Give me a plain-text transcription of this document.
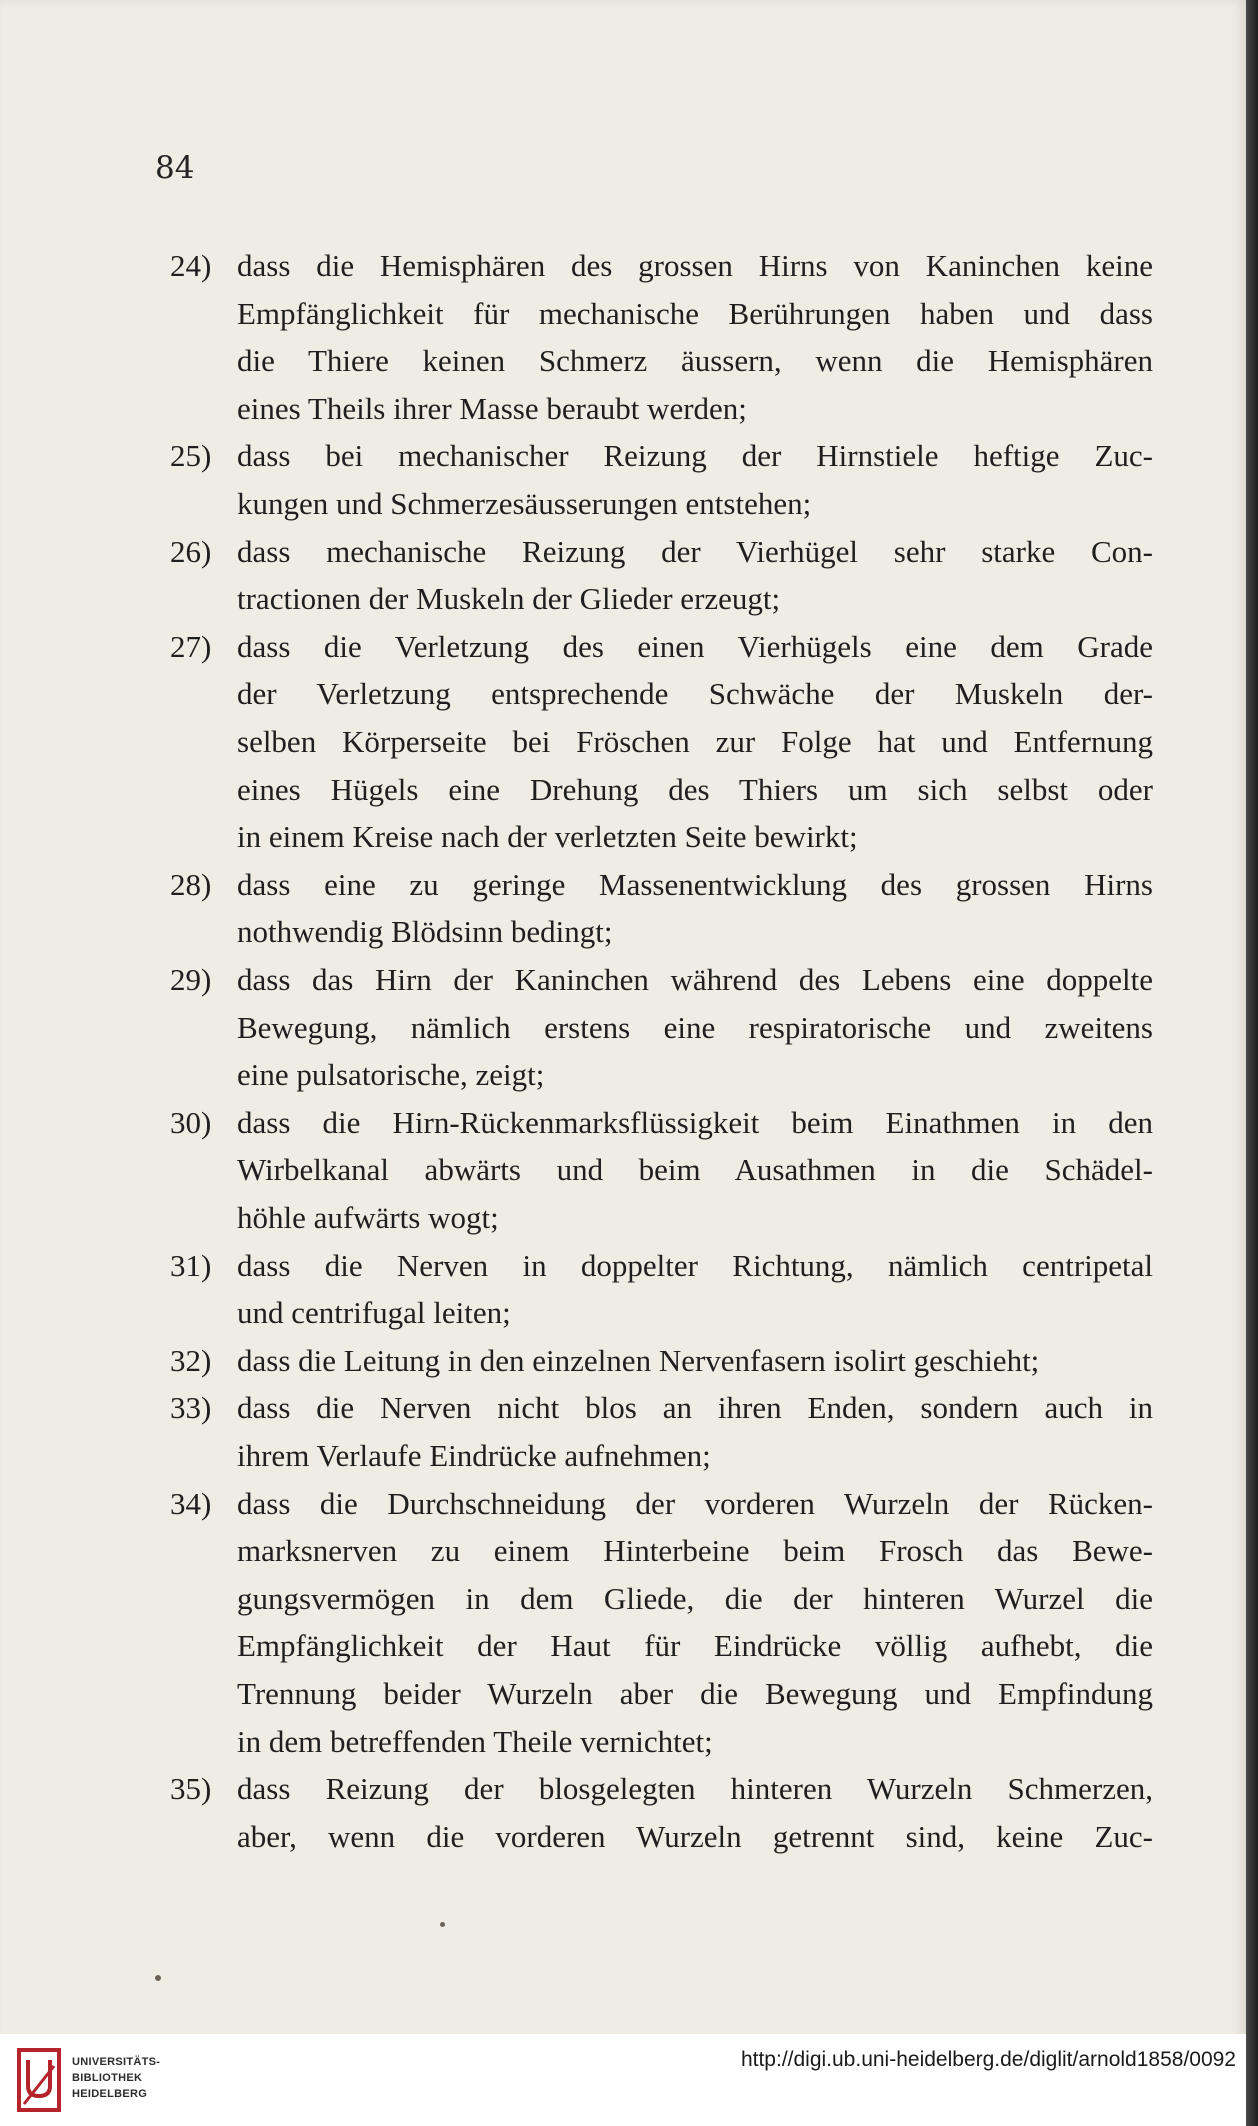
84
24) dass die Hemisphären des grossen Hirns von Kaninchen keine
Empfänglichkeit für mechanische Berührungen haben und dass
die Thiere keinen Schmerz äussern, wenn die Hemisphären
eines Theils ihrer Masse beraubt werden;
25) dass bei mechanischer Reizung der Hirnstiele heftige Zuc-
kungen und Schmerzesäusserungen entstehen;
26) dass mechanische Reizung der Vierhügel sehr starke Con-
tractionen der Muskeln der Glieder erzeugt;
27) dass die Verletzung des einen Vierhügels eine dem Grade
der Verletzung entsprechende Schwäche der Muskeln der-
selben Körperseite bei Fröschen zur Folge hat und Entfernung
eines Hügels eine Drehung des Thiers um sich selbst oder
in einem Kreise nach der verletzten Seite bewirkt;
28) dass eine zu geringe Massenentwicklung des grossen Hirns
nothwendig Blödsinn bedingt;
29) dass das Hirn der Kaninchen während des Lebens eine doppelte
Bewegung, nämlich erstens eine respiratorische und zweitens
eine pulsatorische, zeigt;
30) dass die Hirn-Rückenmarksflüssigkeit beim Einathmen in den
Wirbelkanal abwärts und beim Ausathmen in die Schädel-
höhle aufwärts wogt;
31) dass die Nerven in doppelter Richtung, nämlich centripetal
und centrifugal leiten;
32) dass die Leitung in den einzelnen Nervenfasern isolirt geschieht;
33) dass die Nerven nicht blos an ihren Enden, sondern auch in
ihrem Verlaufe Eindrücke aufnehmen;
34) dass die Durchschneidung der vorderen Wurzeln der Rücken-
marksnerven zu einem Hinterbeine beim Frosch das Bewe-
gungsvermögen in dem Gliede, die der hinteren Wurzel die
Empfänglichkeit der Haut für Eindrücke völlig aufhebt, die
Trennung beider Wurzeln aber die Bewegung und Empfindung
in dem betreffenden Theile vernichtet;
35) dass Reizung der blosgelegten hinteren Wurzeln Schmerzen,
aber, wenn die vorderen Wurzeln getrennt sind, keine Zuc-
UNIVERSITÄTS-
BIBLIOTHEK
HEIDELBERG
http://digi.ub.uni-heidelberg.de/diglit/arnold1858/0092
